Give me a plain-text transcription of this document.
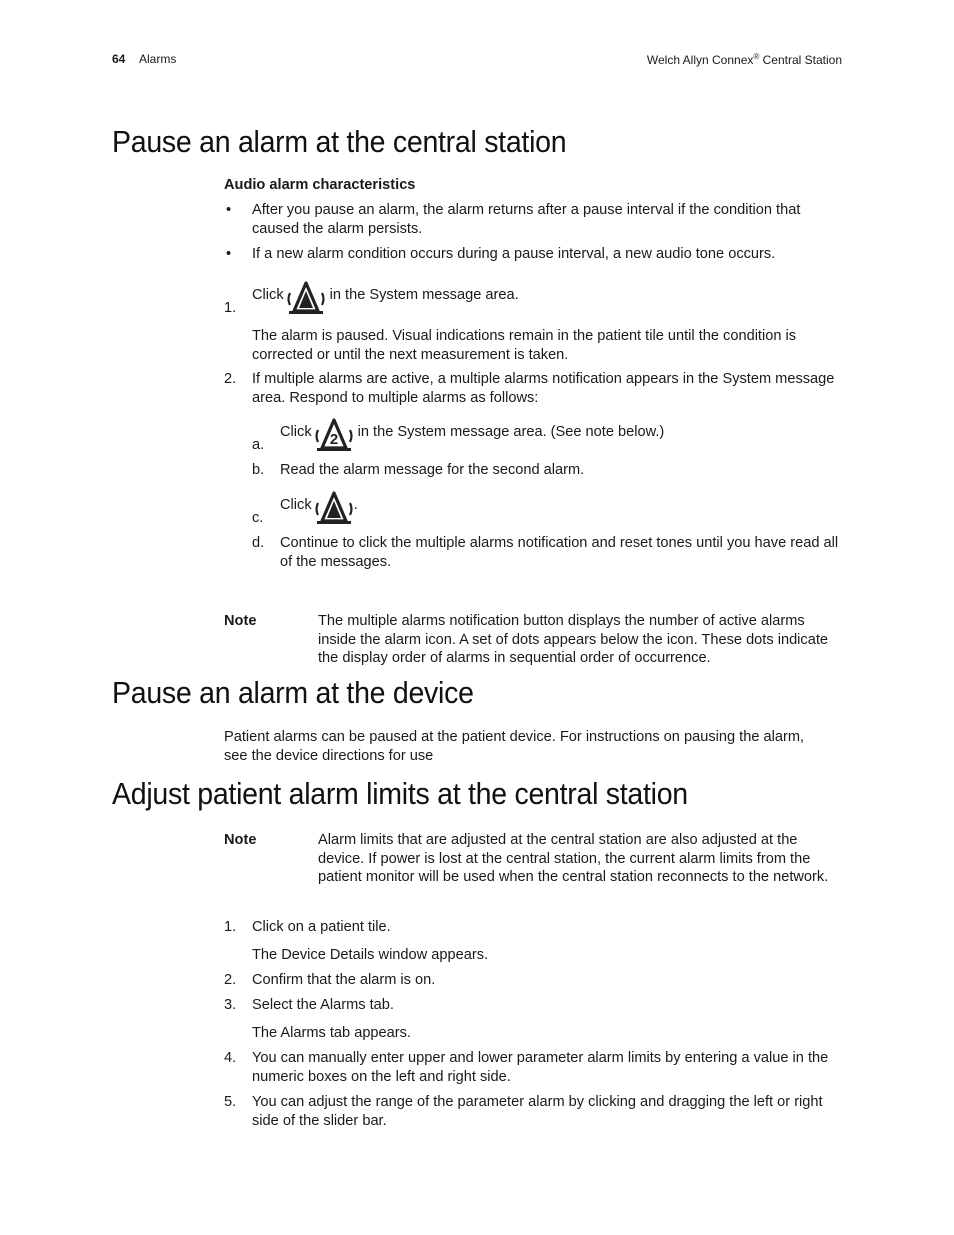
64 Alarms	Welch Allyn Connex® Central Station
Pause an alarm at the central station
Audio alarm characteristics
• After you pause an alarm, the alarm returns after a pause interval if the condition that caused the alarm persists.
• If a new alarm condition occurs during a pause interval, a new audio tone occurs.
1.
Click	in the System message area.
The alarm is paused. Visual indications remain in the patient tile until the condition is corrected or until the next measurement is taken.
2. If multiple alarms are active, a multiple alarms notification appears in the System message area. Respond to multiple alarms as follows:
a.
Click 2 in the System message area. (See note below.)
b. Read the alarm message for the second alarm.
c.
Click	.
d. Continue to click the multiple alarms notification and reset tones until you have read all of the messages.
Note	The multiple alarms notification button displays the number of active alarms inside the alarm icon. A set of dots appears below the icon. These dots indicate the display order of alarms in sequential order of occurrence.
Pause an alarm at the device
Patient alarms can be paused at the patient device. For instructions on pausing the alarm, see the device directions for use
Adjust patient alarm limits at the central station
Note	Alarm limits that are adjusted at the central station are also adjusted at the device. If power is lost at the central station, the current alarm limits from the patient monitor will be used when the central station reconnects to the network.
1. Click on a patient tile.
The Device Details window appears.
2. Confirm that the alarm is on.
3. Select the Alarms tab.
The Alarms tab appears.
4. You can manually enter upper and lower parameter alarm limits by entering a value in the numeric boxes on the left and right side.
5. You can adjust the range of the parameter alarm by clicking and dragging the left or right side of the slider bar.
